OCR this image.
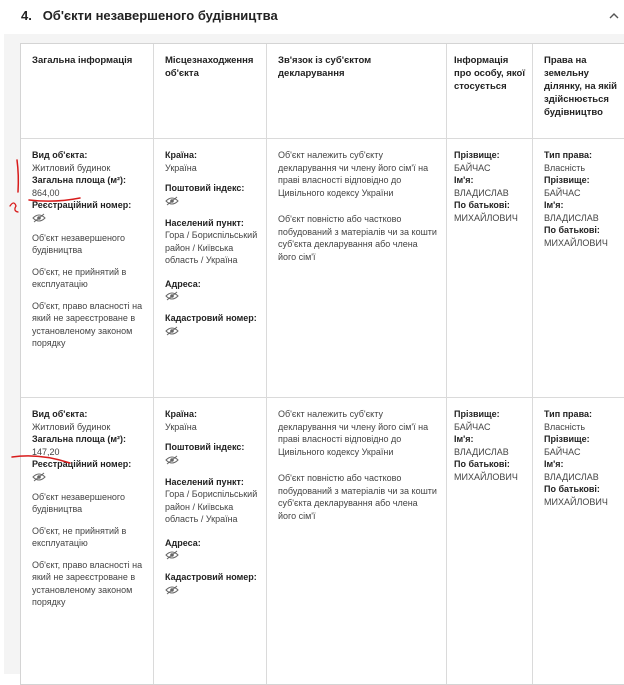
4. Об'єкти незавершеного будівництва
Загальна інформація	Місцезнаходження об'єкта
Зв'язок із суб'єктом декларування
Інформація про особу, якої стосується
Права на земельну ділянку, на якій здійснюється будівництво
Вид об'єкта:
Житловий будинок
Загальна площа (м²):
864,00
Реєстраційний номер:
Об'єкт незавершеного будівництва
Об'єкт, не прийнятий в експлуатацію
Об'єкт, право власності на який не зареєстроване в установленому законом порядку
Країна:
Україна
Поштовий індекс:
Населений пункт:
Гора / Бориспільський район / Київська область / Україна
Адреса:
Кадастровий номер:
Об'єкт належить суб'єкту декларування чи члену його сім'ї на праві власності відповідно до Цивільного кодексу України
Об'єкт повністю або частково побудований з матеріалів чи за кошти суб'єкта декларування або члена його сім'ї
Прізвище:
БАЙЧАС
Ім'я:
ВЛАДИСЛАВ
По батькові:
МИХАЙЛОВИЧ
Тип права:
Власність
Прізвище:
БАЙЧАС
Ім'я:
ВЛАДИСЛАВ
По батькові:
МИХАЙЛОВИЧ
Вид об'єкта:
Житловий будинок
Загальна площа (м²):
147,20
Реєстраційний номер:
Об'єкт незавершеного будівництва
Об'єкт, не прийнятий в експлуатацію
Об'єкт, право власності на який не зареєстроване в установленому законом порядку
Країна:
Україна
Поштовий індекс:
Населений пункт:
Гора / Бориспільський район / Київська область / Україна
Адреса:
Кадастровий номер:
Об'єкт належить суб'єкту декларування чи члену його сім'ї на праві власності відповідно до Цивільного кодексу України
Об'єкт повністю або частково побудований з матеріалів чи за кошти суб'єкта декларування або члена його сім'ї
Прізвище:
БАЙЧАС
Ім'я:
ВЛАДИСЛАВ
По батькові:
МИХАЙЛОВИЧ
Тип права:
Власність
Прізвище:
БАЙЧАС
Ім'я:
ВЛАДИСЛАВ
По батькові:
МИХАЙЛОВИЧ
